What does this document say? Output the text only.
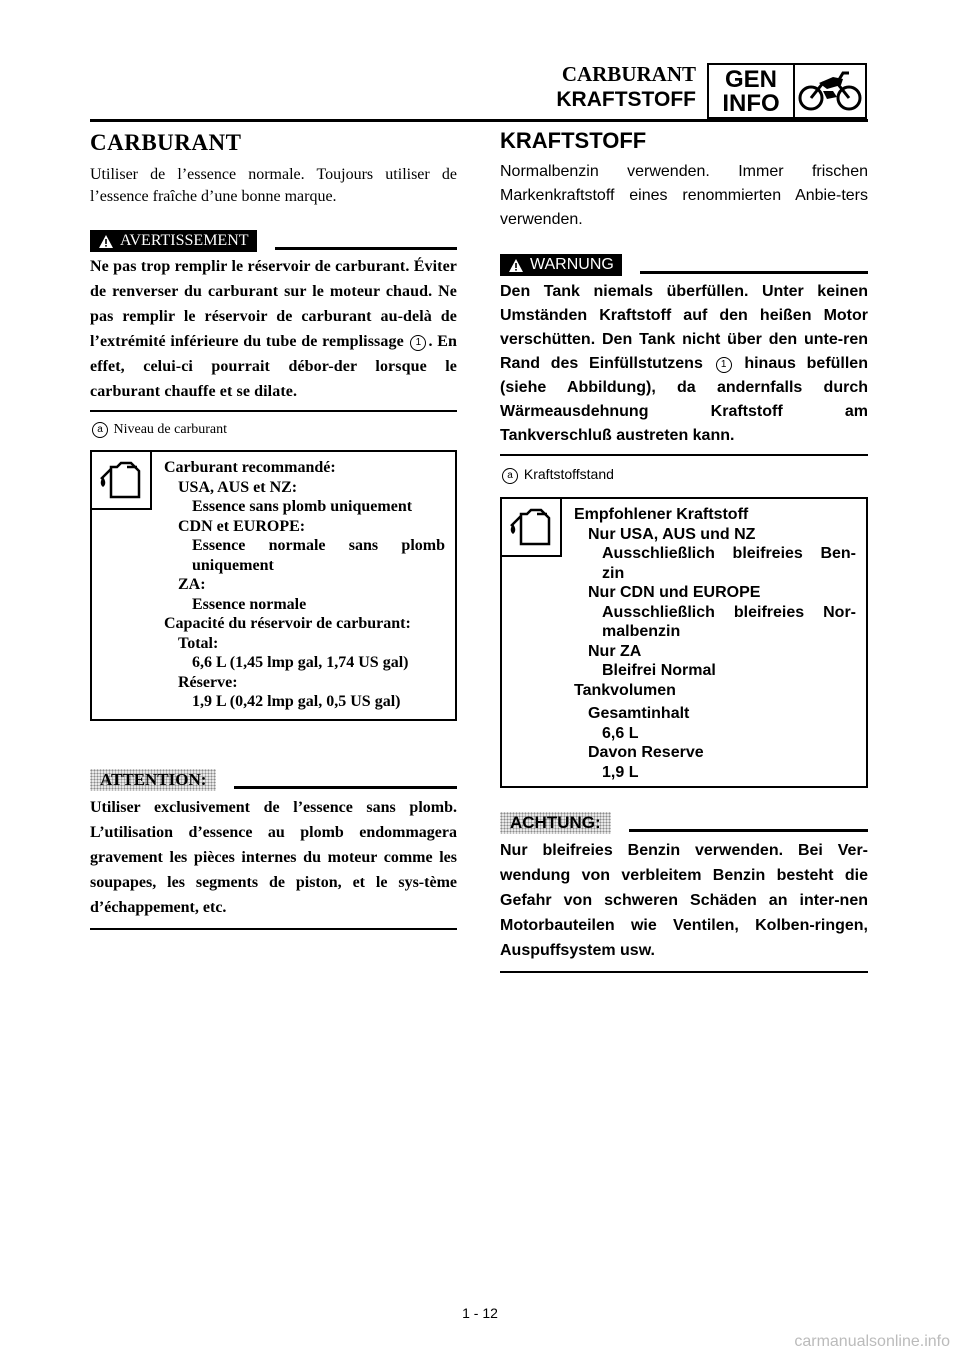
CARBURANT
KRAFTSTOFF
GEN
INFO
CARBURANT
Utiliser de l’essence normale. Toujours utiliser de l’essence fraîche d’une bonne marque.
AVERTISSEMENT
Ne pas trop remplir le réservoir de carburant. Éviter de renverser du carburant sur le moteur chaud. Ne pas remplir le réservoir de carburant au-delà de l’extrémité inférieure du tube de remplissage 1 . En effet, celui-ci pourrait débor-der lorsque le carburant chauffe et se dilate.
a Niveau de carburant
Carburant recommandé:
USA, AUS et NZ:
Essence sans plomb uniquement
CDN et EUROPE:
Essence normale sans plomb
uniquement
ZA:
Essence normale
Capacité du réservoir de carburant:
Total:
6,6 L (1,45 lmp gal, 1,74 US gal)
Réserve:
1,9 L (0,42 lmp gal, 0,5 US gal)
ATTENTION:
Utiliser exclusivement de l’essence sans plomb. L’utilisation d’essence au plomb endommagera gravement les pièces internes du moteur comme les soupapes, les segments de piston, et le sys-tème d’échappement, etc.
KRAFTSTOFF
Normalbenzin verwenden. Immer frischen Markenkraftstoff eines renommierten Anbie-ters verwenden.
WARNUNG
Den Tank niemals überfüllen. Unter keinen Umständen Kraftstoff auf den heißen Motor verschütten. Den Tank nicht über den unte-ren Rand des Einfüllstutzens 1 hinaus befüllen (siehe Abbildung), da andernfalls durch Wärmeausdehnung Kraftstoff am Tankverschluß austreten kann.
a Kraftstoffstand
Empfohlener Kraftstoff
Nur USA, AUS und NZ
Ausschließlich bleifreies Ben-
zin
Nur CDN und EUROPE
Ausschließlich bleifreies Nor-
malbenzin
Nur ZA
Bleifrei Normal
Tankvolumen
Gesamtinhalt
6,6 L
Davon Reserve
1,9 L
ACHTUNG:
Nur bleifreies Benzin verwenden. Bei Ver-wendung von verbleitem Benzin besteht die Gefahr von schweren Schäden an inter-nen Motorbauteilen wie Ventilen, Kolben-ringen, Auspuffsystem usw.
1 - 12
carmanualsonline.info
